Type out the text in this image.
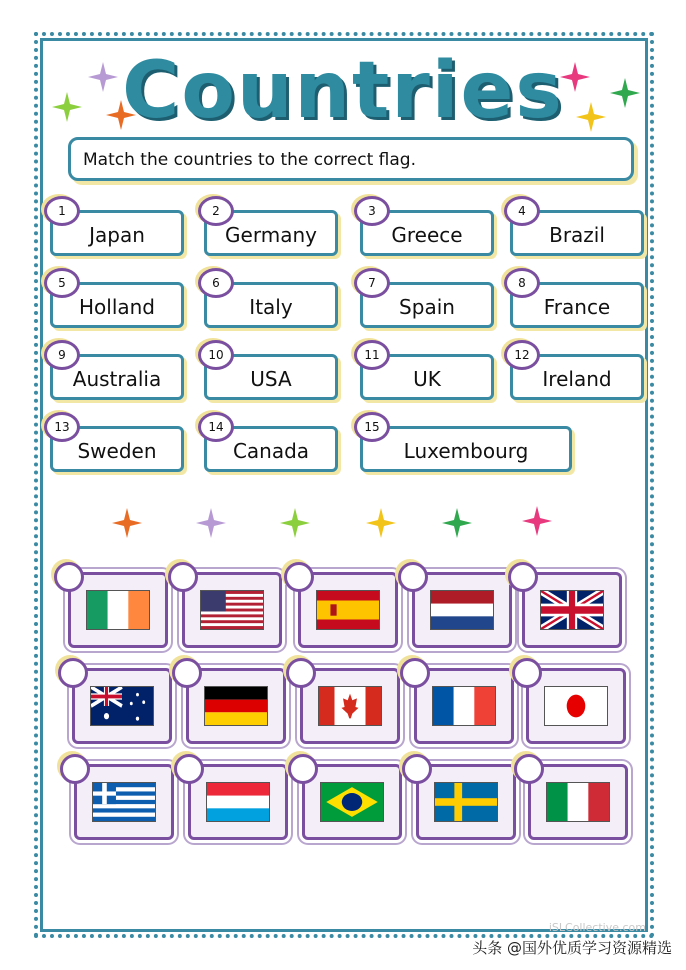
Countries
Match the countries to the correct flag.
Japan
1
Germany
2
Greece
3
Brazil
4
Holland
5
Italy
6
Spain
7
France
8
Australia
9
USA
10
UK
11
Ireland
12
Sweden
13
Canada
14
Luxembourg
15
iSLCollective.com
头条 @国外优质学习资源精选
